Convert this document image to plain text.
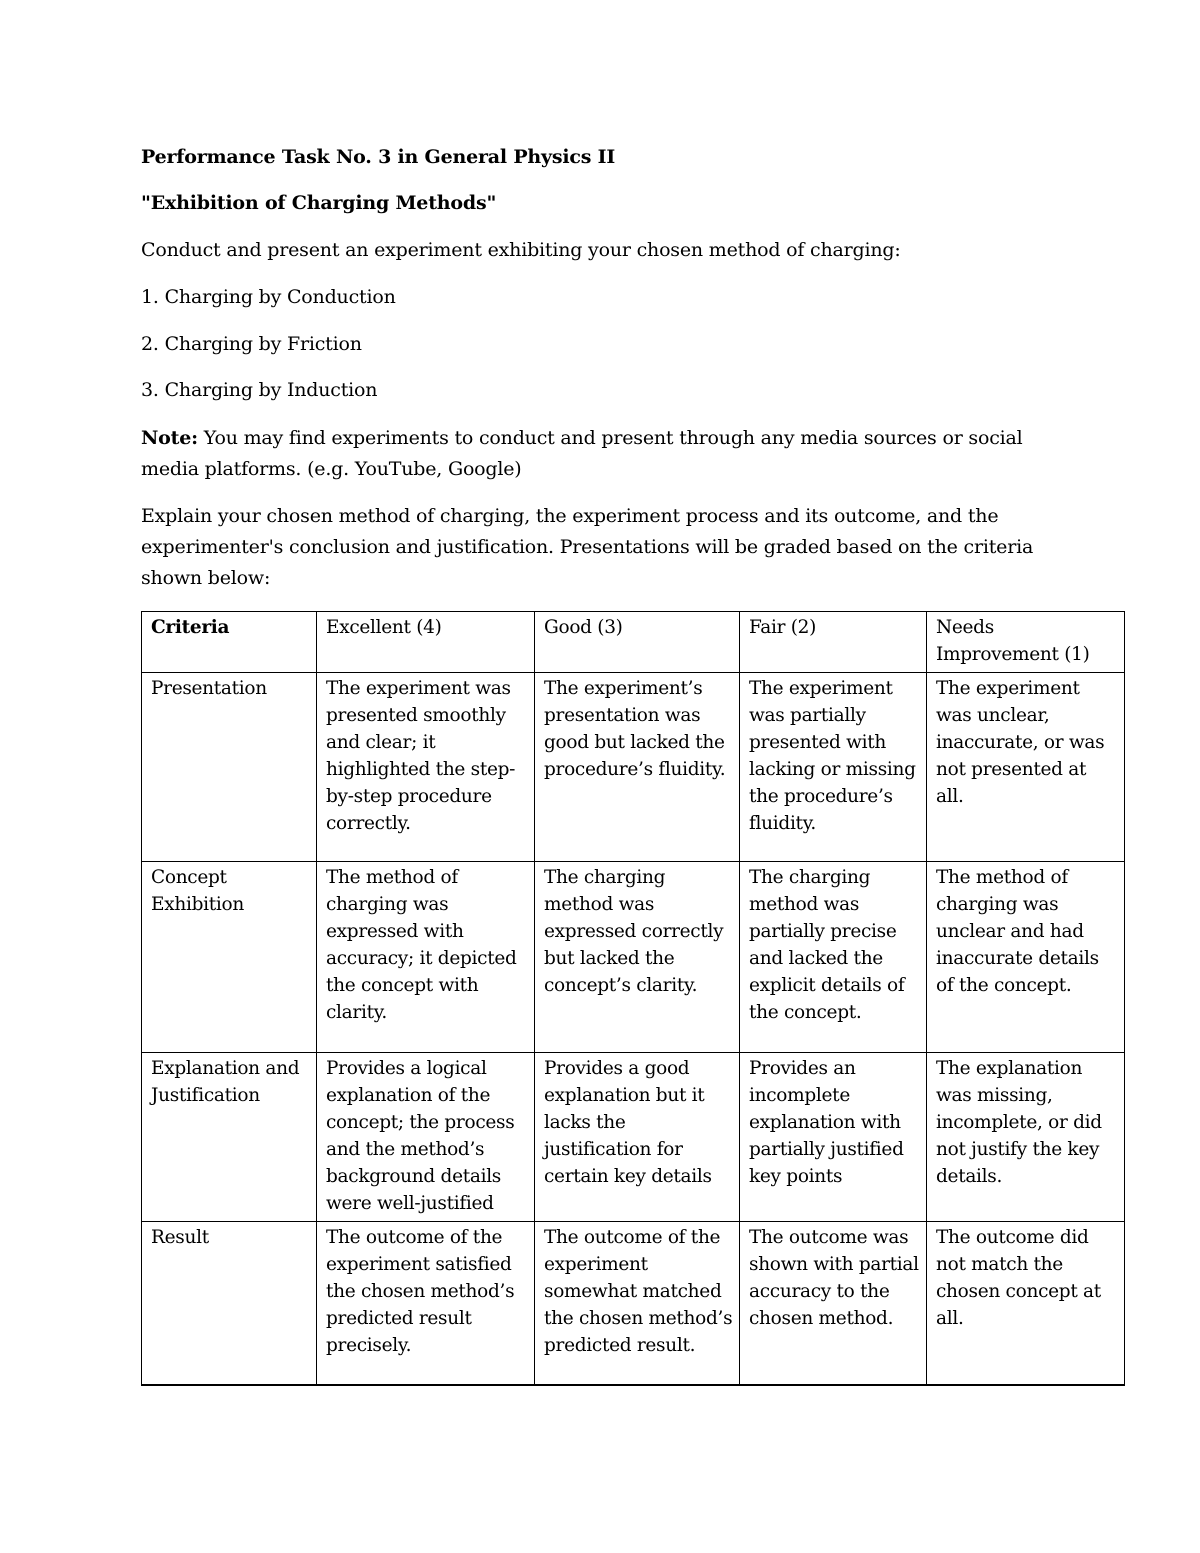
Performance Task No. 3 in General Physics II
"Exhibition of Charging Methods"
Conduct and present an experiment exhibiting your chosen method of charging:
1. Charging by Conduction
2. Charging by Friction
3. Charging by Induction
Note: You may find experiments to conduct and present through any media sources or social media platforms. (e.g. YouTube, Google)
Explain your chosen method of charging, the experiment process and its outcome, and the experimenter's conclusion and justification. Presentations will be graded based on the criteria shown below:
Criteria	Excellent (4)	Good (3)	Fair (2)	Needs Improvement (1)
Presentation	The experiment was presented smoothly and clear; it highlighted the step-by-step procedure correctly.	The experiment’s presentation was good but lacked the procedure’s fluidity.	The experiment was partially presented with lacking or missing the procedure’s fluidity.	The experiment was unclear, inaccurate, or was not presented at all.
Concept Exhibition	The method of charging was expressed with accuracy; it depicted the concept with clarity.	The charging method was expressed correctly but lacked the concept’s clarity.	The charging method was partially precise and lacked the explicit details of the concept.	The method of charging was unclear and had inaccurate details of the concept.
Explanation and Justification	Provides a logical explanation of the concept; the process and the method’s background details were well-justified	Provides a good explanation but it lacks the justification for certain key details	Provides an incomplete explanation with partially justified key points	The explanation was missing, incomplete, or did not justify the key details.
Result	The outcome of the experiment satisfied the chosen method’s predicted result precisely.	The outcome of the experiment somewhat matched the chosen method’s predicted result.	The outcome was shown with partial accuracy to the chosen method.	The outcome did not match the chosen concept at all.
